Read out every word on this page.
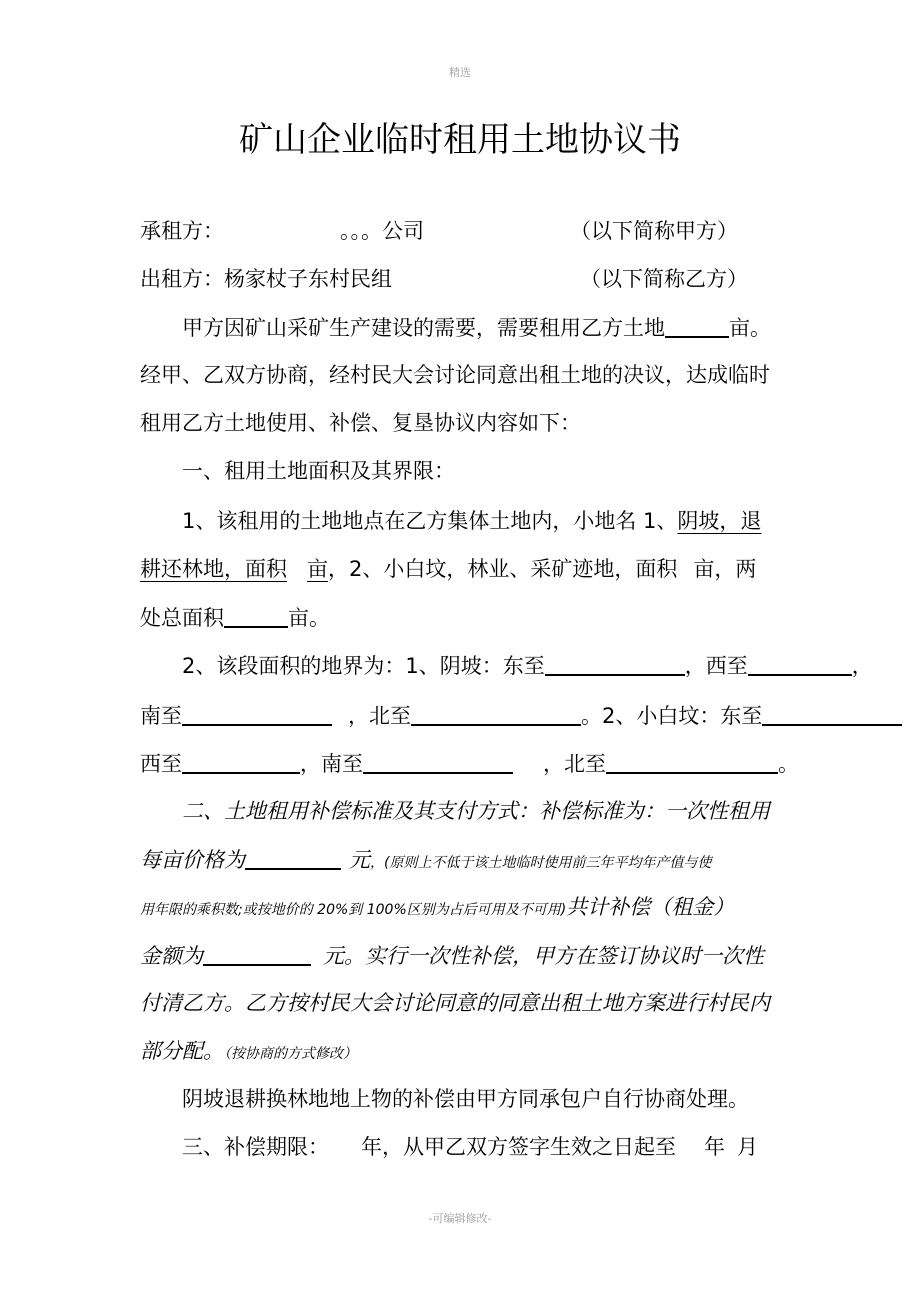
精选
矿山企业临时租用土地协议书
承租方：	。。。公司	（以下简称甲方）
出租方：杨家杖子东村民组	（以下简称乙方）
甲方因矿山采矿生产建设的需要，需要租用乙方土地	亩。
经甲、乙双方协商，经村民大会讨论同意出租土地的决议，达成临时
租用乙方土地使用、补偿、复垦协议内容如下：
一、租用土地面积及其界限：
1、该租用的土地地点在乙方集体土地内，小地名 1、阴坡，退
耕还林地，面积 亩，2、小白坟，林业、采矿迹地，面积 亩，两
处总面积	亩。
2、该段面积的地界为：1、阴坡：东至	，西至	，
南至	，北至	。2、小白坟：东至
西至	，南至	，北至	。
二、土地租用补偿标准及其支付方式：补偿标准为：一次性租用
每亩价格为	元，(原则上不低于该土地临时使用前三年平均年产值与使
用年限的乘积数;或按地价的 20%到 100%区别为占后可用及不可用)共计补偿（租金）
金额为	元。实行一次性补偿，甲方在签订协议时一次性
付清乙方。乙方按村民大会讨论同意的同意出租土地方案进行村民内
部分配。（按协商的方式修改）
阴坡退耕换林地地上物的补偿由甲方同承包户自行协商处理。
三、补偿期限： 年，从甲乙双方签字生效之日起至 年 月
-可编辑修改-
